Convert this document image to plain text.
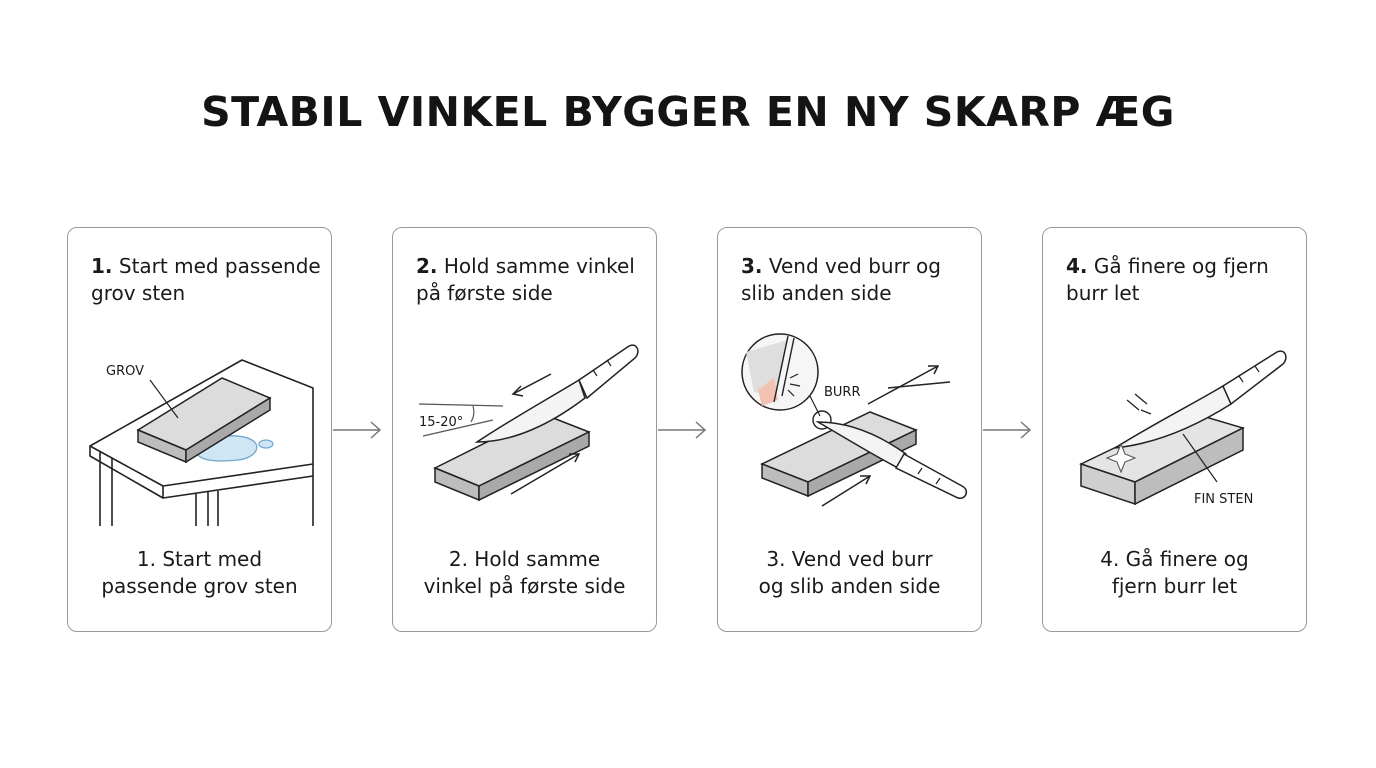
STABIL VINKEL BYGGER EN NY SKARP ÆG
1. Start med passende grov sten
GROV
1. Start med
passende grov sten
2. Hold samme vinkel på første side
15-20°
2. Hold samme
vinkel på første side
3. Vend ved burr og slib anden side
BURR
3. Vend ved burr
og slib anden side
4. Gå finere og fjern burr let
FIN STEN
4. Gå finere og
fjern burr let
